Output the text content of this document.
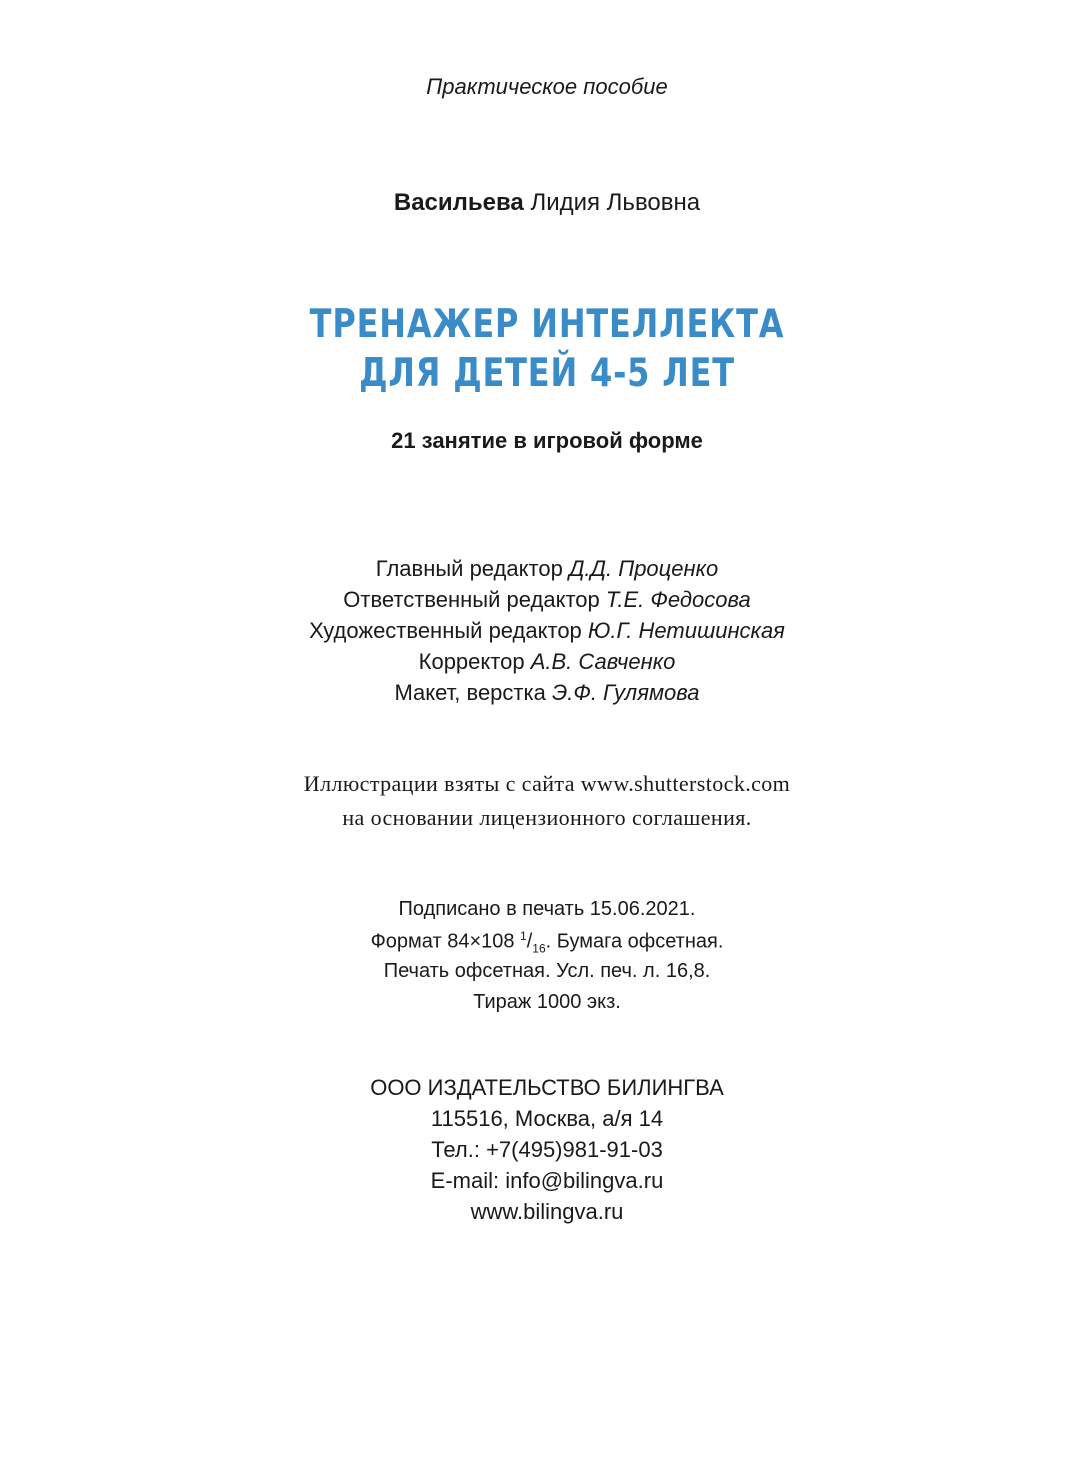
Практическое пособие
Васильева Лидия Львовна
ТРЕНАЖЕР ИНТЕЛЛЕКТА
ДЛЯ ДЕТЕЙ 4-5 ЛЕТ
21 занятие в игровой форме
Главный редактор Д.Д. Проценко
Ответственный редактор Т.Е. Федосова
Художественный редактор Ю.Г. Нетишинская
Корректор А.В. Савченко
Макет, верстка Э.Ф. Гулямова
Иллюстрации взяты с сайта www.shutterstock.com
на основании лицензионного соглашения.
Подписано в печать 15.06.2021.
Формат 84×108 $^1/_{16}$. Бумага офсетная.
Печать офсетная. Усл. печ. л. 16,8.
Тираж 1000 экз.
ООО ИЗДАТЕЛЬСТВО БИЛИНГВА
115516, Москва, а/я 14
Тел.: +7(495)981-91-03
E-mail: info@bilingva.ru
www.bilingva.ru
